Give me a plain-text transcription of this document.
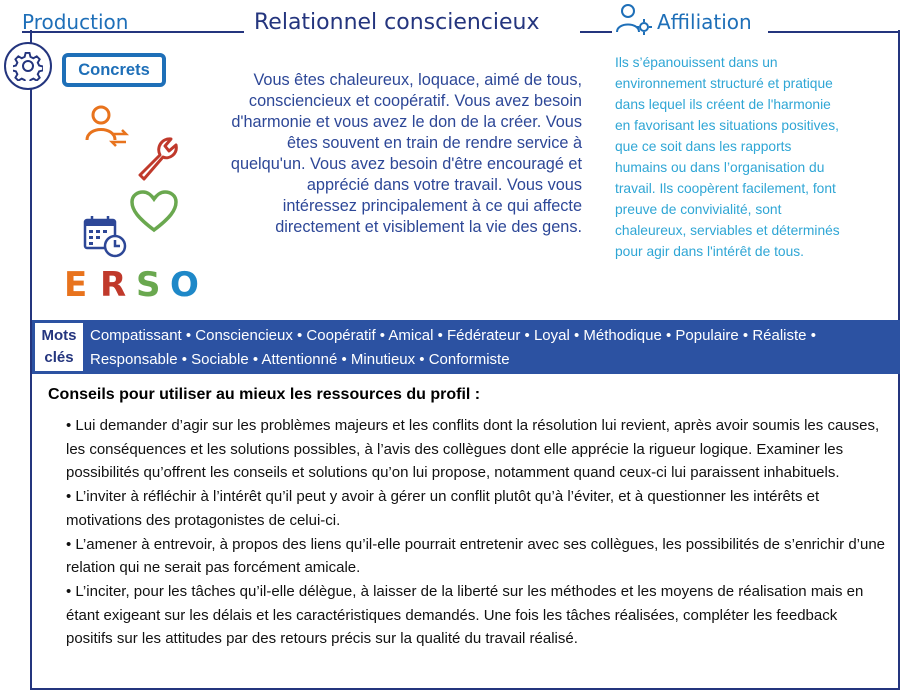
Production	Relationnel consciencieux	Affiliation
Concrets
E R S O
Vous êtes chaleureux, loquace, aimé de tous, consciencieux et coopératif. Vous avez besoin d'harmonie et vous avez le don de la créer. Vous êtes souvent en train de rendre service à quelqu'un. Vous avez besoin d'être encouragé et apprécié dans votre travail. Vous vous intéressez principalement à ce qui affecte directement et visiblement la vie des gens.
Ils s’épanouissent dans un environnement structuré et pratique dans lequel ils créent de l'harmonie en favorisant les situations positives, que ce soit dans les rapports humains ou dans l’organisation du travail. Ils coopèrent facilement, font preuve de convivialité, sont chaleureux, serviables et déterminés pour agir dans l'intérêt de tous.
Mots
clés
Compatissant • Consciencieux • Coopératif • Amical • Fédérateur • Loyal • Méthodique • Populaire • Réaliste • Responsable • Sociable • Attentionné • Minutieux • Conformiste
Conseils pour utiliser au mieux les ressources du profil :

• Lui demander d’agir sur les problèmes majeurs et les conflits dont la résolution lui revient, après avoir soumis les causes, les conséquences et les solutions possibles, à l’avis des collègues dont elle apprécie la rigueur logique. Examiner les possibilités qu’offrent les conseils et solutions qu’on lui propose, notamment quand ceux-ci lui paraissent inhabituels.

• L’inviter à réfléchir à l’intérêt qu’il peut y avoir à gérer un conflit plutôt qu’à l’éviter, et à questionner les intérêts et motivations des protagonistes de celui-ci.

• L’amener à entrevoir, à propos des liens qu’il-elle pourrait entretenir avec ses collègues, les possibilités de s’enrichir d’une relation qui ne serait pas forcément amicale.

• L’inciter, pour les tâches qu’il-elle délègue, à laisser de la liberté sur les méthodes et les moyens de réalisation mais en étant exigeant sur les délais et les caractéristiques demandés. Une fois les tâches réalisées, compléter les feedback positifs sur les attitudes par des retours précis sur la qualité du travail réalisé.
